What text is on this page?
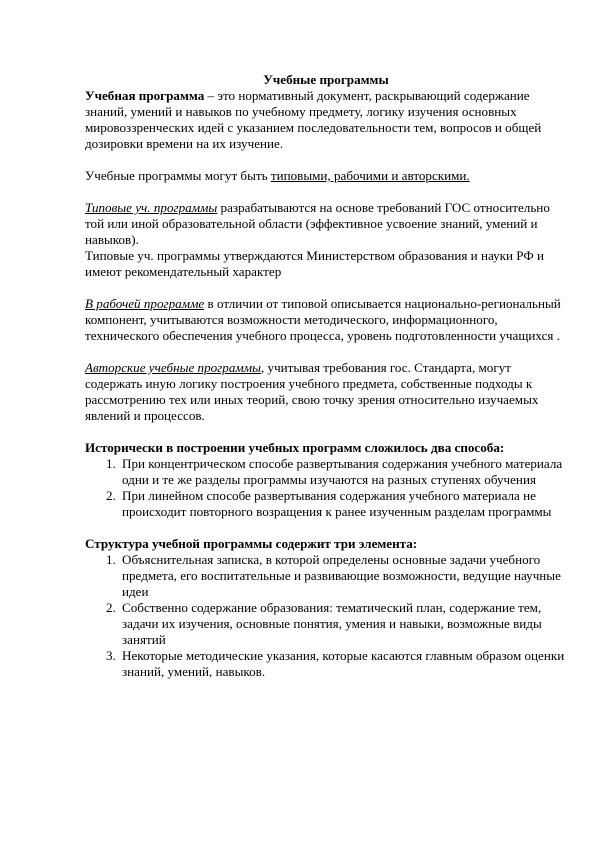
Учебные программы

Учебная программа – это нормативный документ, раскрывающий содержание знаний, умений и навыков по учебному предмету, логику изучения основных мировоззренческих идей с указанием последовательности тем, вопросов и общей дозировки времени на их изучение.

Учебные программы могут быть типовыми, рабочими и авторскими.

Типовые уч. программы разрабатываются на основе требований ГОС относительно той или иной образовательной области (эффективное усвоение знаний, умений и навыков).

Типовые уч. программы утверждаются Министерством образования и науки РФ и имеют рекомендательный характер

В рабочей программе в отличии от типовой описывается национально-региональный компонент, учитываются возможности методического, информационного, технического обеспечения учебного процесса, уровень подготовленности учащихся .

Авторские учебные программы, учитывая требования гос. Стандарта, могут содержать иную логику построения учебного предмета, собственные подходы к рассмотрению тех или иных теорий, свою точку зрения относительно изучаемых явлений и процессов.

Исторически в построении учебных программ сложилось два способа:

1. При концентрическом способе развертывания содержания учебного материала одни и те же разделы программы изучаются на разных ступенях обучения
2. При линейном способе развертывания содержания учебного материала не происходит повторного возращения к ранее изученным разделам программы

Структура учебной программы содержит три элемента:

1. Объяснительная записка, в которой определены основные задачи учебного предмета, его воспитательные и развивающие возможности, ведущие научные идеи
2. Собственно содержание образования: тематический план, содержание тем, задачи их изучения, основные понятия, умения и навыки, возможные виды занятий
3. Некоторые методические указания, которые касаются главным образом оценки знаний, умений, навыков.
